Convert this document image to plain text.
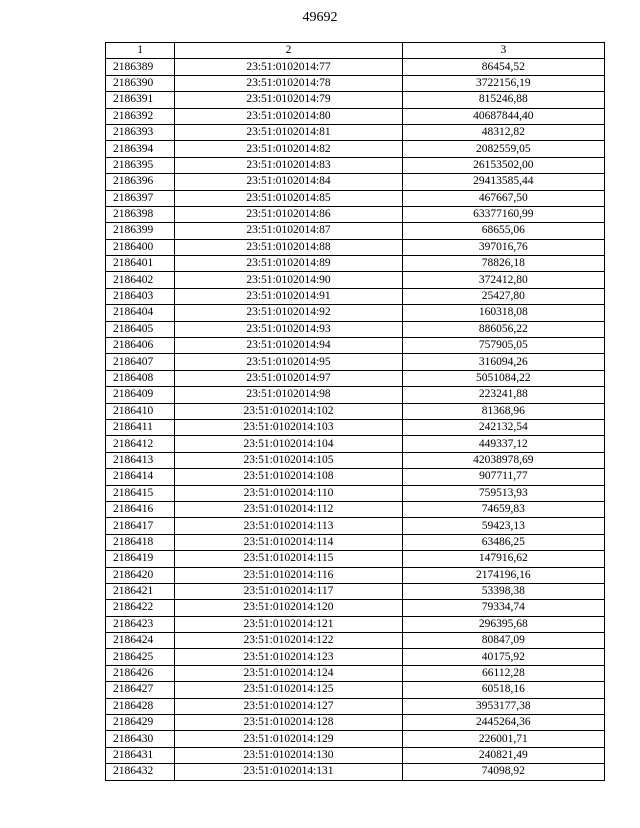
49692
1	2	3
2186389	23:51:0102014:77	86454,52
2186390	23:51:0102014:78	3722156,19
2186391	23:51:0102014:79	815246,88
2186392	23:51:0102014:80	40687844,40
2186393	23:51:0102014:81	48312,82
2186394	23:51:0102014:82	2082559,05
2186395	23:51:0102014:83	26153502,00
2186396	23:51:0102014:84	29413585,44
2186397	23:51:0102014:85	467667,50
2186398	23:51:0102014:86	63377160,99
2186399	23:51:0102014:87	68655,06
2186400	23:51:0102014:88	397016,76
2186401	23:51:0102014:89	78826,18
2186402	23:51:0102014:90	372412,80
2186403	23:51:0102014:91	25427,80
2186404	23:51:0102014:92	160318,08
2186405	23:51:0102014:93	886056,22
2186406	23:51:0102014:94	757905,05
2186407	23:51:0102014:95	316094,26
2186408	23:51:0102014:97	5051084,22
2186409	23:51:0102014:98	223241,88
2186410	23:51:0102014:102	81368,96
2186411	23:51:0102014:103	242132,54
2186412	23:51:0102014:104	449337,12
2186413	23:51:0102014:105	42038978,69
2186414	23:51:0102014:108	907711,77
2186415	23:51:0102014:110	759513,93
2186416	23:51:0102014:112	74659,83
2186417	23:51:0102014:113	59423,13
2186418	23:51:0102014:114	63486,25
2186419	23:51:0102014:115	147916,62
2186420	23:51:0102014:116	2174196,16
2186421	23:51:0102014:117	53398,38
2186422	23:51:0102014:120	79334,74
2186423	23:51:0102014:121	296395,68
2186424	23:51:0102014:122	80847,09
2186425	23:51:0102014:123	40175,92
2186426	23:51:0102014:124	66112,28
2186427	23:51:0102014:125	60518,16
2186428	23:51:0102014:127	3953177,38
2186429	23:51:0102014:128	2445264,36
2186430	23:51:0102014:129	226001,71
2186431	23:51:0102014:130	240821,49
2186432	23:51:0102014:131	74098,92
